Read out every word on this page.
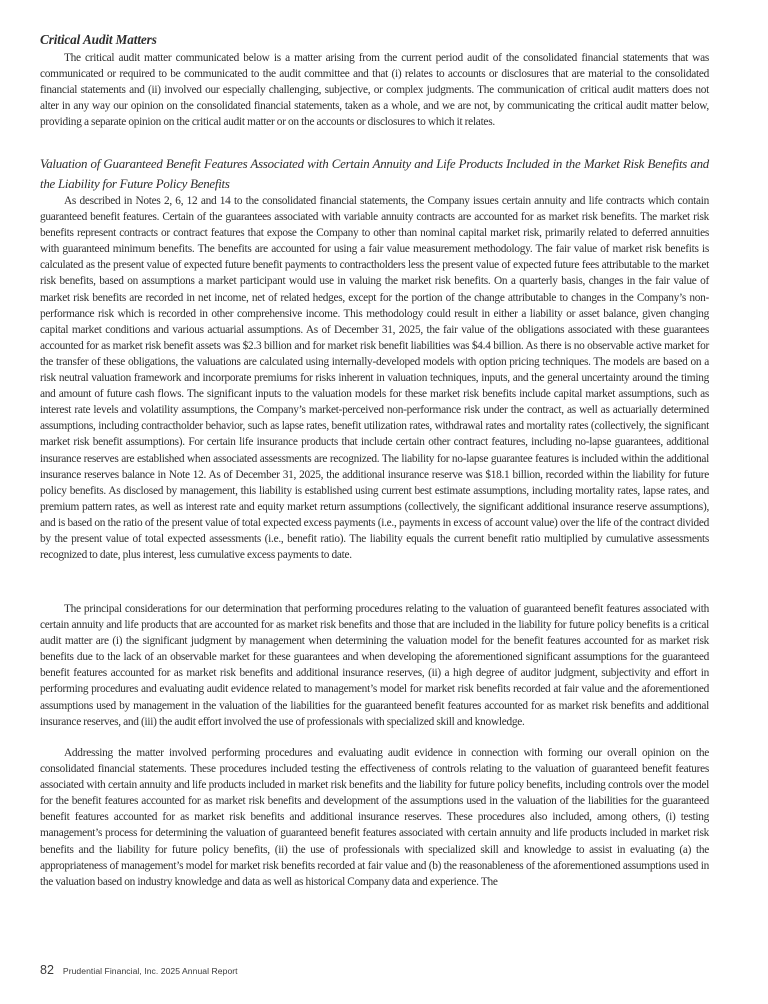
Critical Audit Matters

The critical audit matter communicated below is a matter arising from the current period audit of the consolidated financial statements that was communicated or required to be communicated to the audit committee and that (i) relates to accounts or disclosures that are material to the consolidated financial statements and (ii) involved our especially challenging, subjective, or complex judgments. The communication of critical audit matters does not alter in any way our opinion on the consolidated financial statements, taken as a whole, and we are not, by communicating the critical audit matter below, providing a separate opinion on the critical audit matter or on the accounts or disclosures to which it relates.

Valuation of Guaranteed Benefit Features Associated with Certain Annuity and Life Products Included in the Market Risk Benefits and the Liability for Future Policy Benefits

As described in Notes 2, 6, 12 and 14 to the consolidated financial statements, the Company issues certain annuity and life contracts which contain guaranteed benefit features. Certain of the guarantees associated with variable annuity contracts are accounted for as market risk benefits. The market risk benefits represent contracts or contract features that expose the Company to other than nominal capital market risk, primarily related to deferred annuities with guaranteed minimum benefits. The benefits are accounted for using a fair value measurement methodology. The fair value of market risk benefits is calculated as the present value of expected future benefit payments to contractholders less the present value of expected future fees attributable to the market risk benefits, based on assumptions a market participant would use in valuing the market risk benefits. On a quarterly basis, changes in the fair value of market risk benefits are recorded in net income, net of related hedges, except for the portion of the change attributable to changes in the Company’s non-performance risk which is recorded in other comprehensive income. This methodology could result in either a liability or asset balance, given changing capital market conditions and various actuarial assumptions. As of December 31, 2025, the fair value of the obligations associated with these guarantees accounted for as market risk benefit assets was $2.3 billion and for market risk benefit liabilities was $4.4 billion. As there is no observable active market for the transfer of these obligations, the valuations are calculated using internally-developed models with option pricing techniques. The models are based on a risk neutral valuation framework and incorporate premiums for risks inherent in valuation techniques, inputs, and the general uncertainty around the timing and amount of future cash flows. The significant inputs to the valuation models for these market risk benefits include capital market assumptions, such as interest rate levels and volatility assumptions, the Company’s market-perceived non-performance risk under the contract, as well as actuarially determined assumptions, including contractholder behavior, such as lapse rates, benefit utilization rates, withdrawal rates and mortality rates (collectively, the significant market risk benefit assumptions). For certain life insurance products that include certain other contract features, including no-lapse guarantees, additional insurance reserves are established when associated assessments are recognized. The liability for no-lapse guarantee features is included within the additional insurance reserves balance in Note 12. As of December 31, 2025, the additional insurance reserve was $18.1 billion, recorded within the liability for future policy benefits. As disclosed by management, this liability is established using current best estimate assumptions, including mortality rates, lapse rates, and premium pattern rates, as well as interest rate and equity market return assumptions (collectively, the significant additional insurance reserve assumptions), and is based on the ratio of the present value of total expected excess payments (i.e., payments in excess of account value) over the life of the contract divided by the present value of total expected assessments (i.e., benefit ratio). The liability equals the current benefit ratio multiplied by cumulative assessments recognized to date, plus interest, less cumulative excess payments to date.

The principal considerations for our determination that performing procedures relating to the valuation of guaranteed benefit features associated with certain annuity and life products that are accounted for as market risk benefits and those that are included in the liability for future policy benefits is a critical audit matter are (i) the significant judgment by management when determining the valuation model for the benefit features accounted for as market risk benefits due to the lack of an observable market for these guarantees and when developing the aforementioned significant assumptions for the guaranteed benefit features accounted for as market risk benefits and additional insurance reserves, (ii) a high degree of auditor judgment, subjectivity and effort in performing procedures and evaluating audit evidence related to management’s model for market risk benefits recorded at fair value and the aforementioned assumptions used by management in the valuation of the liabilities for the guaranteed benefit features accounted for as market risk benefits and additional insurance reserves, and (iii) the audit effort involved the use of professionals with specialized skill and knowledge.

Addressing the matter involved performing procedures and evaluating audit evidence in connection with forming our overall opinion on the consolidated financial statements. These procedures included testing the effectiveness of controls relating to the valuation of guaranteed benefit features associated with certain annuity and life products included in market risk benefits and the liability for future policy benefits, including controls over the model for the benefit features accounted for as market risk benefits and development of the assumptions used in the valuation of the liabilities for the guaranteed benefit features accounted for as market risk benefits and additional insurance reserves. These procedures also included, among others, (i) testing management’s process for determining the valuation of guaranteed benefit features associated with certain annuity and life products included in market risk benefits and the liability for future policy benefits, (ii) the use of professionals with specialized skill and knowledge to assist in evaluating (a) the appropriateness of management’s model for market risk benefits recorded at fair value and (b) the reasonableness of the aforementioned assumptions used in the valuation based on industry knowledge and data as well as historical Company data and experience. The

82 Prudential Financial, Inc. 2025 Annual Report
